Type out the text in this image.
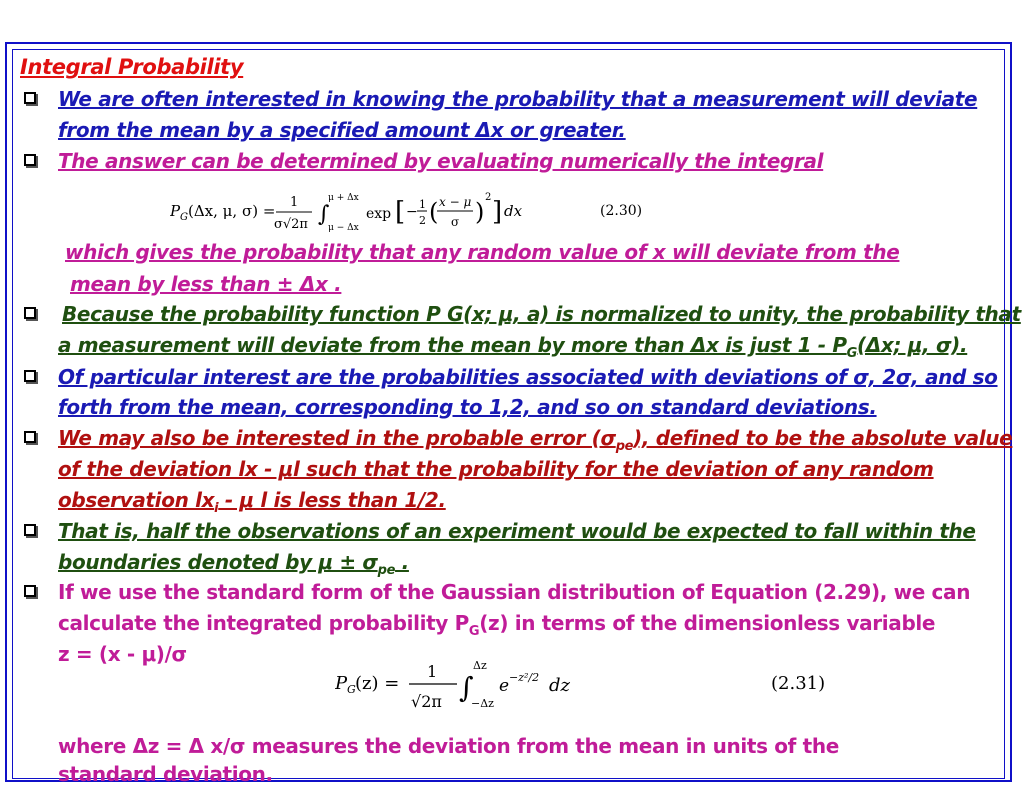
Integral Probability
We are often interested in knowing the probability that a measurement will deviate
from the mean by a specified amount Δx or greater.
The answer can be determined by evaluating numerically the integral
P G (Δx, μ, σ) = 1
σ√2π ∫
μ + Δx
μ − Δx
exp [ − 1
2 ( x − μ
σ )
2 ] dx	(2.30)
which gives the probability that any random value of x will deviate from the
mean by less than ± Δx .
Because the probability function P G(x; μ, a) is normalized to unity, the probability that
a measurement will deviate from the mean by more than Δx is just $1 - P_G(\Delta x$; μ, σ).
Of particular interest are the probabilities associated with deviations of σ, 2σ, and so
forth from the mean, corresponding to 1,2, and so on standard deviations.
We may also be interested in the probable error $(\sigma_{pe})$, defined to be the absolute value
of the deviation lx - μl such that the probability for the deviation of any random
observation $lx_i$ - μ l is less than 1/2.
That is, half the observations of an experiment would be expected to fall within the
boundaries denoted by $\mu \pm \sigma_{pe}$ .
If we use the standard form of the Gaussian distribution of Equation (2.29), we can
calculate the integrated probability $P_G(z)$ in terms of the dimensionless variable
z = (x - μ)/σ
P G (z) =
1
√2π ∫
Δz
−Δz
e −z²/2 dz	(2.31)
where Δz = Δ x/σ measures the deviation from the mean in units of the
standard deviation.
